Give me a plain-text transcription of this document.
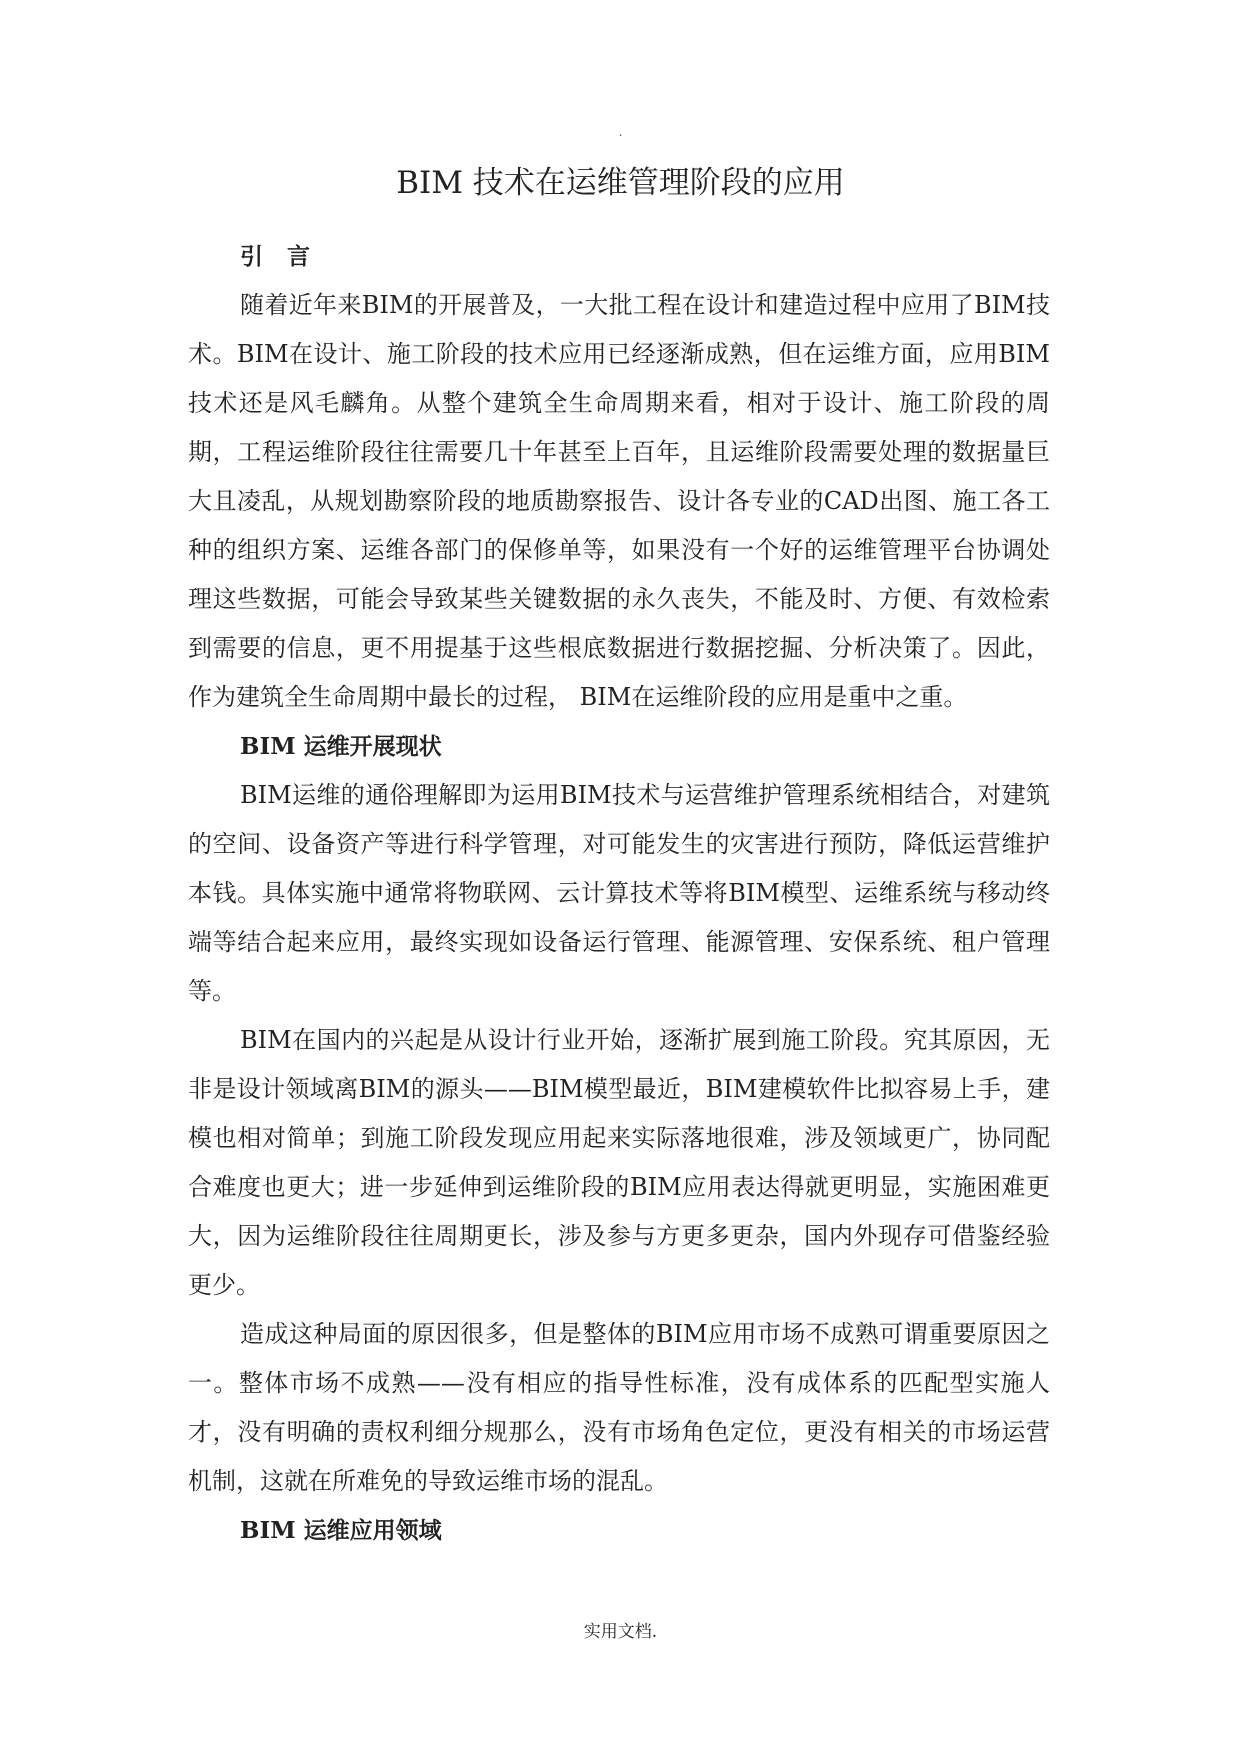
.
BIM 技术在运维管理阶段的应用
引 言

随着近年来BIM的开展普及，一大批工程在设计和建造过程中应用了BIM技术。BIM在设计、施工阶段的技术应用已经逐渐成熟，但在运维方面，应用BIM技术还是风毛麟角。从整个建筑全生命周期来看，相对于设计、施工阶段的周期，工程运维阶段往往需要几十年甚至上百年，且运维阶段需要处理的数据量巨大且凌乱，从规划勘察阶段的地质勘察报告、设计各专业的CAD出图、施工各工种的组织方案、运维各部门的保修单等，如果没有一个好的运维管理平台协调处理这些数据，可能会导致某些关键数据的永久丧失，不能及时、方便、有效检索到需要的信息，更不用提基于这些根底数据进行数据挖掘、分析决策了。因此，作为建筑全生命周期中最长的过程， BIM在运维阶段的应用是重中之重。

BIM 运维开展现状

BIM运维的通俗理解即为运用BIM技术与运营维护管理系统相结合，对建筑的空间、设备资产等进行科学管理，对可能发生的灾害进行预防，降低运营维护本钱。具体实施中通常将物联网、云计算技术等将BIM模型、运维系统与移动终端等结合起来应用，最终实现如设备运行管理、能源管理、安保系统、租户管理等。

BIM在国内的兴起是从设计行业开始，逐渐扩展到施工阶段。究其原因，无非是设计领域离BIM的源头——BIM模型最近，BIM建模软件比拟容易上手，建模也相对简单；到施工阶段发现应用起来实际落地很难，涉及领域更广，协同配合难度也更大；进一步延伸到运维阶段的BIM应用表达得就更明显，实施困难更大，因为运维阶段往往周期更长，涉及参与方更多更杂，国内外现存可借鉴经验更少。

造成这种局面的原因很多，但是整体的BIM应用市场不成熟可谓重要原因之一。整体市场不成熟——没有相应的指导性标准，没有成体系的匹配型实施人才，没有明确的责权利细分规那么，没有市场角色定位，更没有相关的市场运营机制，这就在所难免的导致运维市场的混乱。

BIM 运维应用领域
实用文档.
